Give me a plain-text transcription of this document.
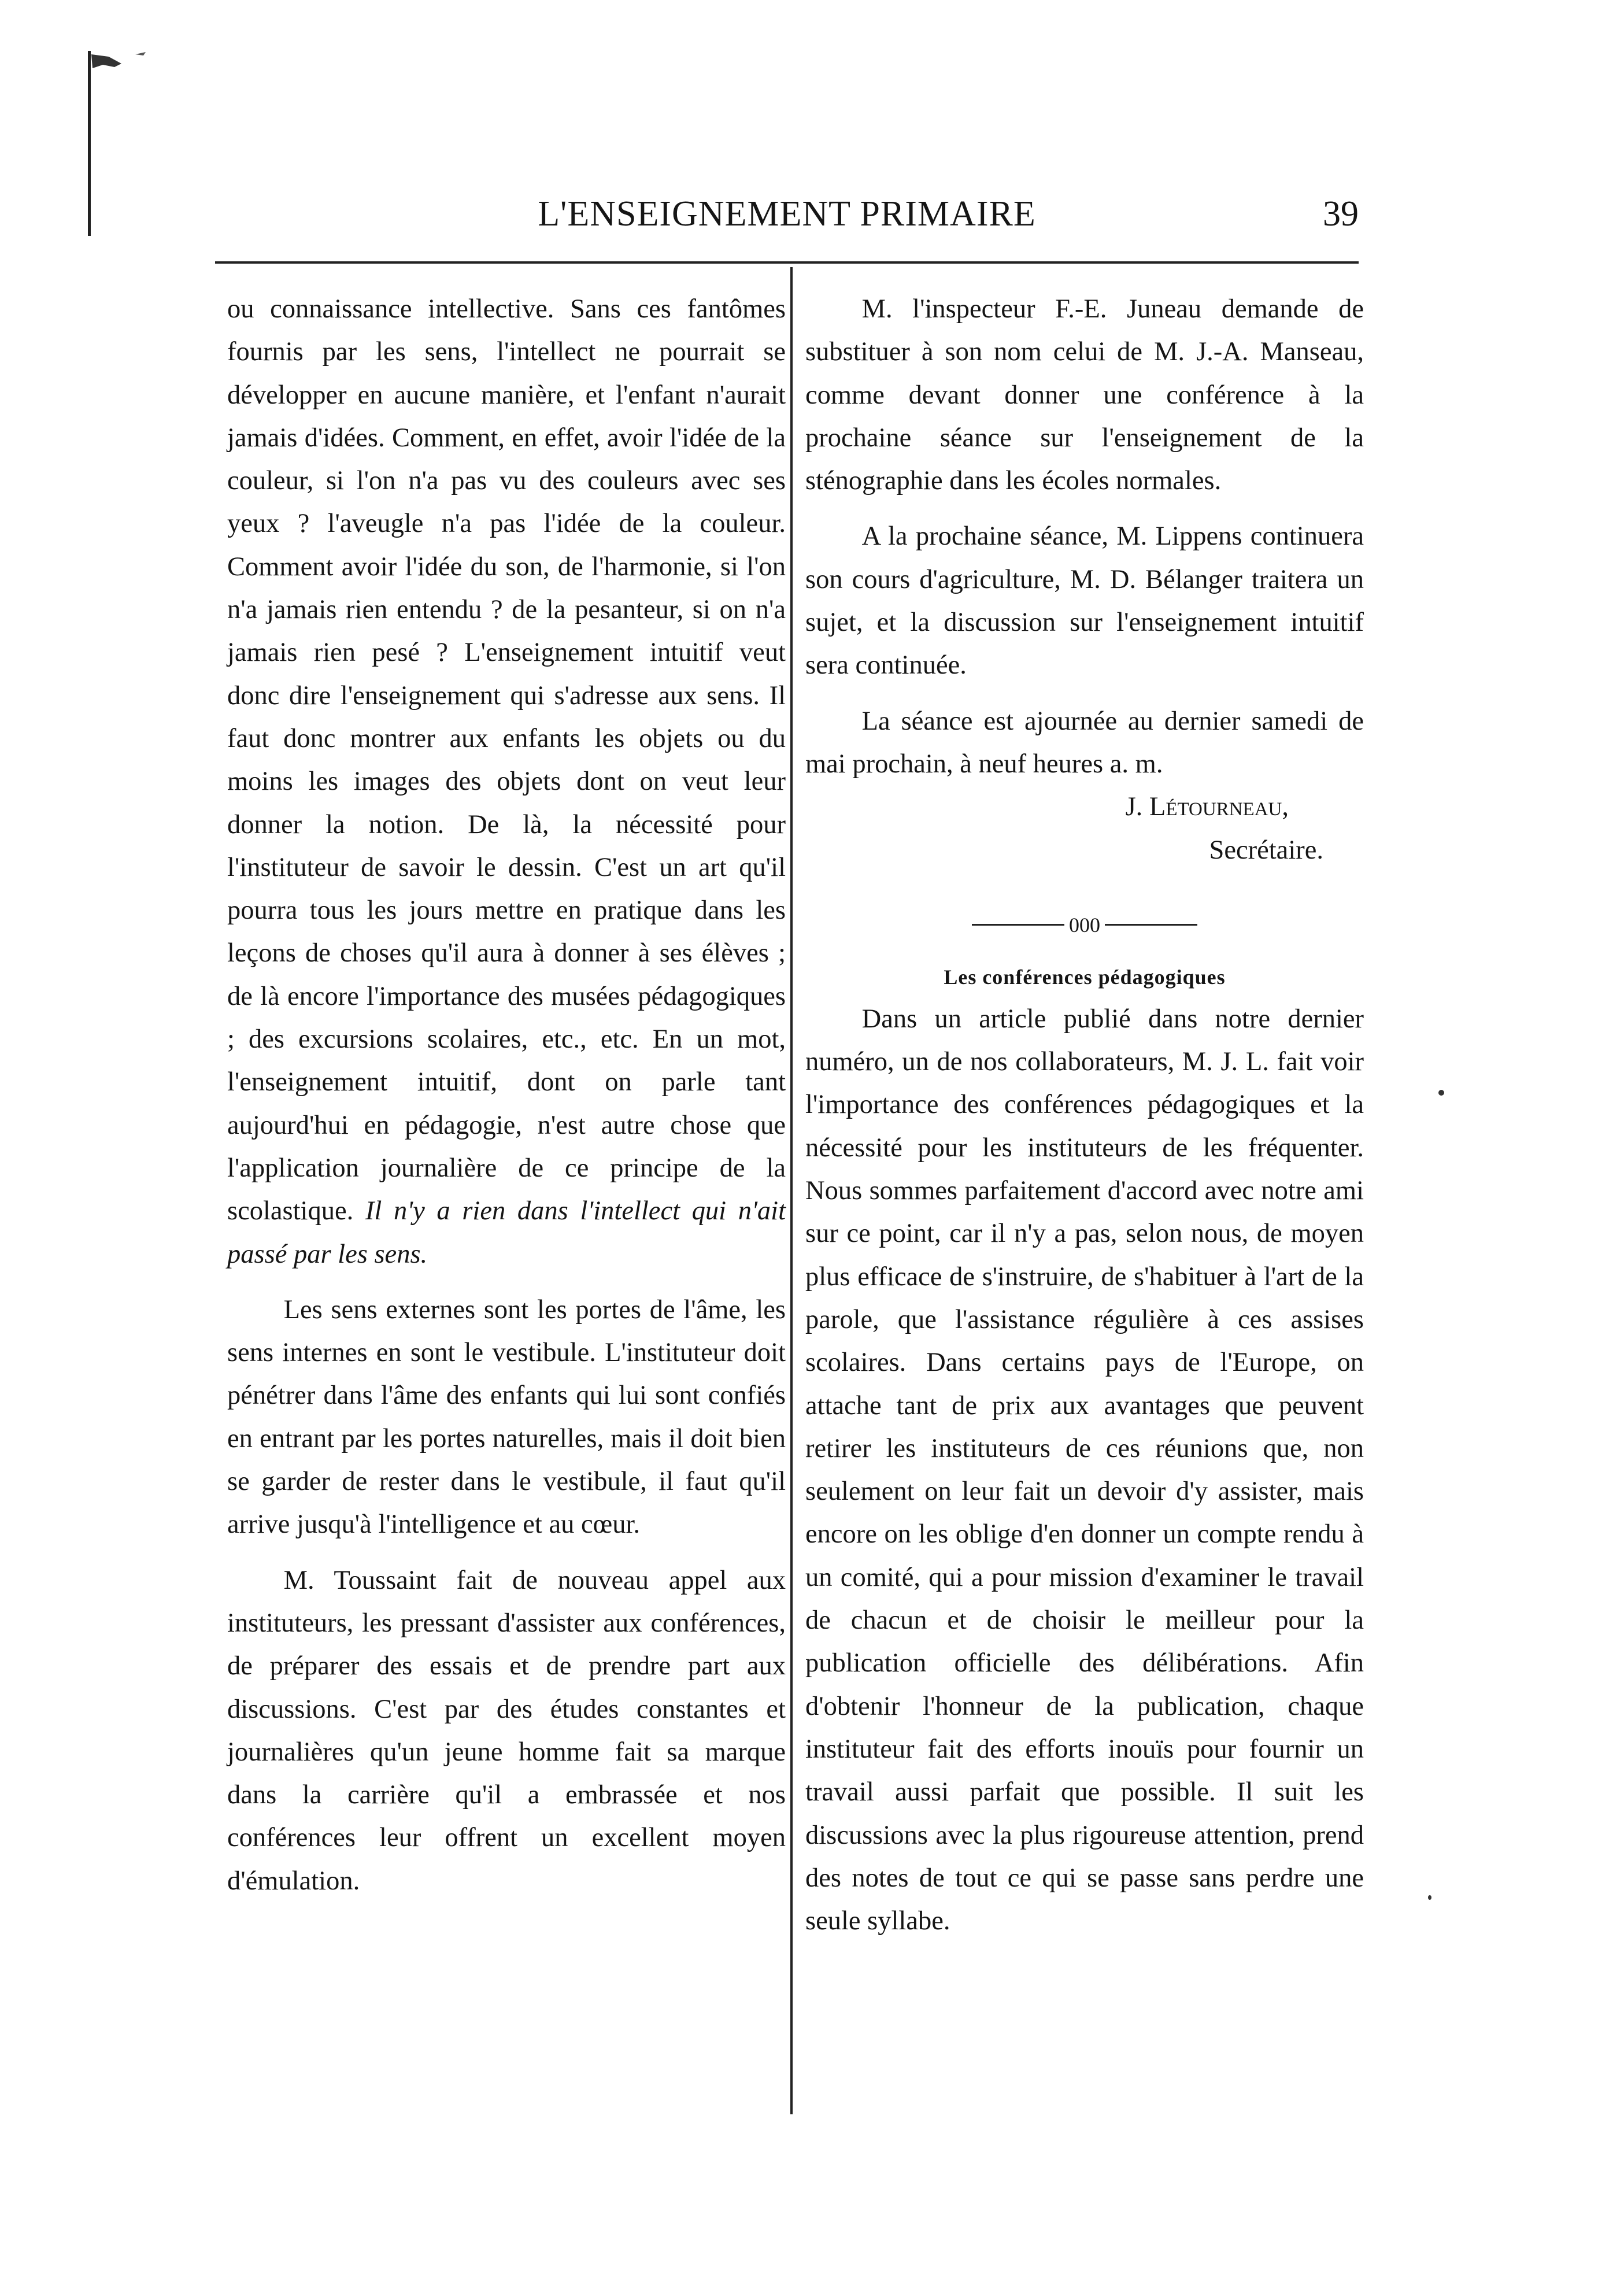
L'ENSEIGNEMENT PRIMAIRE	39

ou connaissance intellective. Sans ces fantômes fournis par les sens, l'intellect ne pourrait se développer en aucune manière, et l'enfant n'aurait jamais d'idées. Comment, en effet, avoir l'idée de la couleur, si l'on n'a pas vu des couleurs avec ses yeux ? l'aveugle n'a pas l'idée de la couleur. Comment avoir l'idée du son, de l'harmonie, si l'on n'a jamais rien entendu ? de la pesanteur, si on n'a jamais rien pesé ? L'enseignement intuitif veut donc dire l'enseignement qui s'adresse aux sens. Il faut donc montrer aux enfants les objets ou du moins les images des objets dont on veut leur donner la notion. De là, la nécessité pour l'instituteur de savoir le dessin. C'est un art qu'il pourra tous les jours mettre en pratique dans les leçons de choses qu'il aura à donner à ses élèves ; de là encore l'importance des musées pédagogiques ; des excursions scolaires, etc., etc. En un mot, l'enseignement intuitif, dont on parle tant aujourd'hui en pédagogie, n'est autre chose que l'application journalière de ce principe de la scolastique. Il n'y a rien dans l'intellect qui n'ait passé par les sens.

Les sens externes sont les portes de l'âme, les sens internes en sont le vestibule. L'instituteur doit pénétrer dans l'âme des enfants qui lui sont confiés en entrant par les portes naturelles, mais il doit bien se garder de rester dans le vestibule, il faut qu'il arrive jusqu'à l'intelligence et au cœur.

M. Toussaint fait de nouveau appel aux instituteurs, les pressant d'assister aux conférences, de préparer des essais et de prendre part aux discussions. C'est par des études constantes et journalières qu'un jeune homme fait sa marque dans la carrière qu'il a embrassée et nos conférences leur offrent un excellent moyen d'émulation.

M. l'inspecteur F.-E. Juneau demande de substituer à son nom celui de M. J.-A. Manseau, comme devant donner une conférence à la prochaine séance sur l'enseignement de la sténographie dans les écoles normales.

A la prochaine séance, M. Lippens continuera son cours d'agriculture, M. D. Bélanger traitera un sujet, et la discussion sur l'enseignement intuitif sera continuée.

La séance est ajournée au dernier samedi de mai prochain, à neuf heures a. m.

J. Létourneau,
Secrétaire.
000
Les conférences pédagogiques

Dans un article publié dans notre dernier numéro, un de nos collaborateurs, M. J. L. fait voir l'importance des conférences pédagogiques et la nécessité pour les instituteurs de les fréquenter. Nous sommes parfaitement d'accord avec notre ami sur ce point, car il n'y a pas, selon nous, de moyen plus efficace de s'instruire, de s'habituer à l'art de la parole, que l'assistance régulière à ces assises scolaires. Dans certains pays de l'Europe, on attache tant de prix aux avantages que peuvent retirer les instituteurs de ces réunions que, non seulement on leur fait un devoir d'y assister, mais encore on les oblige d'en donner un compte rendu à un comité, qui a pour mission d'examiner le travail de chacun et de choisir le meilleur pour la publication officielle des délibérations. Afin d'obtenir l'honneur de la publication, chaque instituteur fait des efforts inouïs pour fournir un travail aussi parfait que possible. Il suit les discussions avec la plus rigoureuse attention, prend des notes de tout ce qui se passe sans perdre une seule syllabe.
